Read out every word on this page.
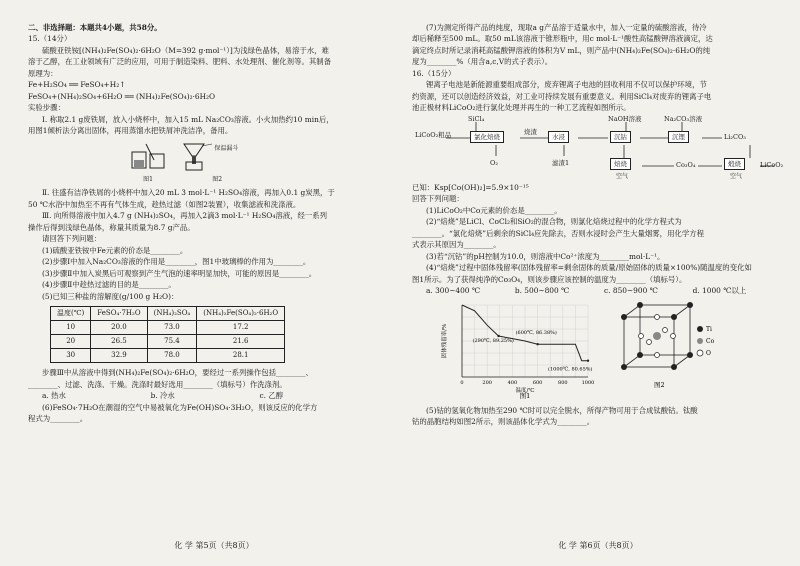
二、非选择题：本题共4小题，共58分。
15.（14分）
硫酸亚铁铵[(NH₄)₂Fe(SO₄)₂·6H₂O（M=392 g·mol⁻¹）]为浅绿色晶体，易溶于水，难
溶于乙醇，在工业领域有广泛的应用，可用于制造染料、肥料、水处理剂、催化剂等。其制备
原理为：
Fe+H₂SO₄ ══ FeSO₄+H₂↑
FeSO₄+(NH₄)₂SO₄+6H₂O ══ (NH₄)₂Fe(SO₄)₂·6H₂O
实验步骤：
Ⅰ. 称取2.1 g废铁屑，放入小烧杯中，加入15 mL Na₂CO₃溶液。小火加热约10 min后，
用图1倾析法分离出固体，再用蒸馏水把铁屑冲洗洁净，备用。
图1
$^{保温漏斗}$
图2
Ⅱ. 往盛有洁净铁屑的小烧杯中加入20 mL 3 mol·L⁻¹ H₂SO₄溶液，再加入0.1 g炭黑，于
50 ℃水浴中加热至不再有气体生成，趁热过滤（如图2装置），收集滤液和洗涤液。
Ⅲ. 向所得溶液中加入4.7 g (NH₄)₂SO₄，再加入2滴3 mol·L⁻¹ H₂SO₄溶液，经一系列
操作后得到浅绿色晶体，称量其质量为8.7 g产品。
请回答下列问题：
(1)硫酸亚铁铵中Fe元素的价态是________。
(2)步骤Ⅰ中加入Na₂CO₃溶液的作用是________，图1中玻璃棒的作用为________。
(3)步骤Ⅱ中加入炭黑后可观察到产生气泡的速率明显加快，可能的原因是________。
(4)步骤Ⅱ中趁热过滤的目的是________。
(5)已知三种盐的溶解度(g/100 g H₂O)：
温度(℃)	FeSO₄·7H₂O	(NH₄)₂SO₄	(NH₄)₂Fe(SO₄)₂·6H₂O
10	20.0	73.0	17.2
20	26.5	75.4	21.6
30	32.9	78.0	28.1
步骤Ⅲ中从溶液中得到(NH₄)₂Fe(SO₄)₂·6H₂O，要经过一系列操作包括________、
________、过滤、洗涤、干燥。洗涤时最好选用________（填标号）作洗涤剂。
a. 热水	b. 冷水	c. 乙醇
(6)FeSO₄·7H₂O在潮湿的空气中易被氧化为Fe(OH)SO₄·3H₂O，则该反应的化学方
程式为________。
化 学 第5页（共8页）
(7)为测定所得产品的纯度，现取a g产品溶于适量水中，加入一定量的硫酸溶液，待冷
却后稀释至500 mL。取50 mL该溶液于锥形瓶中，用c mol·L⁻¹酸性高锰酸钾溶液滴定，达
滴定终点时所记录消耗高锰酸钾溶液的体积为V mL，则产品中(NH₄)₂Fe(SO₄)₂·6H₂O的纯
度为________%（用含a,c,V的式子表示）。
16.（15分）
锂离子电池是新能源重要组成部分，废弃锂离子电池的回收利用不仅可以保护环境，节
约资源，还可以创造经济效益，对工业可持续发展有重要意义。利用SiCl₄对废弃的锂离子电
池正极材料LiCoO₂进行氯化处理并再生的一种工艺流程如图所示。
LiCoO₂粗品
SiCl₄
氯化焙烧
烧渣
O₂
水浸
滤渣1
NaOH溶液
沉钴
Na₂CO₃溶液
沉锂	Li₂CO₃
焙烧
空气
Co₃O₄	煅烧
空气
LiCoO₂
已知：Ksp[Co(OH)₂]=5.9×10⁻¹⁵
回答下列问题：
(1)LiCoO₂中Co元素的价态是________。
(2)“焙烧”是LiCl、CoCl₂和SiO₂的混合物，则氯化焙烧过程中的化学方程式为
________。“氯化焙烧”后剩余的SiCl₄应先除去，否则水浸时会产生大量烟雾，用化学方程
式表示其原因为________。
(3)若“沉钴”的pH控制为10.0，则溶液中Co²⁺浓度为________mol·L⁻¹。
(4)“焙烧”过程中固体残留率(固体残留率=剩余固体的质量/原始固体的质量×100%)随温度的变化如
图1所示。为了获得纯净的Co₃O₄，则该步骤应该控制的温度为________（填标号）。
a. 300~400 ℃	b. 500~800 ℃	c. 850~900 ℃	d. 1000 ℃以上
0	200	400	600	800	1000
温度/℃
固体残留率/%	(600℃, 86.38%)
(290℃, 89.25%)
(1000℃, 80.65%)
图1
Ti
Co
O
图2
(5)钴的氢氧化物加热至290 ℃时可以完全脱水，所得产物可用于合成钛酸钴。钛酸
钴的晶胞结构如图2所示，则该晶体化学式为________。
化 学 第6页（共8页）
